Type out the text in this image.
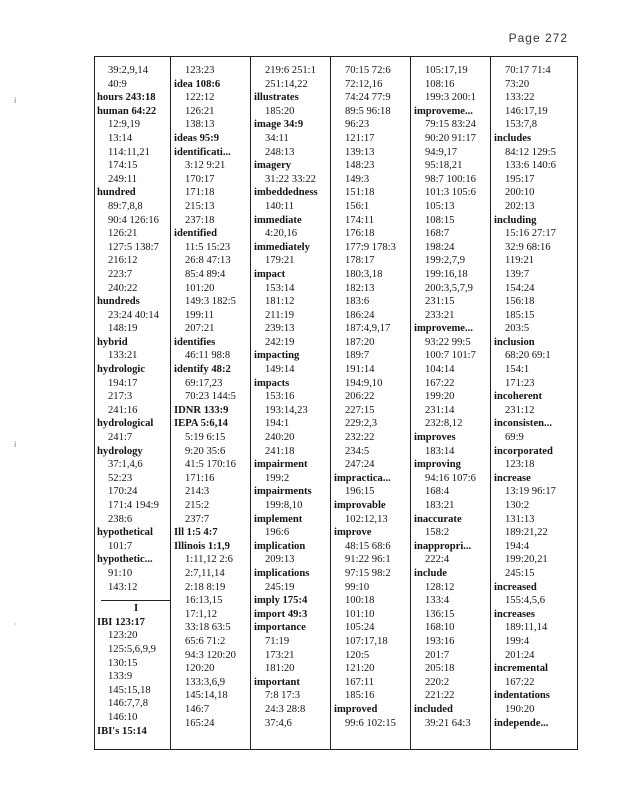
Page 272
i
i
·
39:2,9,14
40:9
hours 243:18
human 64:22
12:9,19
13:14
114:11,21
174:15
249:11
hundred
89:7,8,8
90:4 126:16
126:21
127:5 138:7
216:12
223:7
240:22
hundreds
23:24 40:14
148:19
hybrid
133:21
hydrologic
194:17
217:3
241:16
hydrological
241:7
hydrology
37:1,4,6
52:23
170:24
171:4 194:9
238:6
hypothetical
101:7
hypothetic...
91:10
143:12
I
IBI 123:17
123:20
125:5,6,9,9
130:15
133:9
145:15,18
146:7,7,8
146:10
IBI's 15:14
123:23
idea 108:6
122:12
126:21
138:13
ideas 95:9
identificati...
3:12 9:21
170:17
171:18
215:13
237:18
identified
11:5 15:23
26:8 47:13
85:4 89:4
101:20
149:3 182:5
199:11
207:21
identifies
46:11 98:8
identify 48:2
69:17,23
70:23 144:5
IDNR 133:9
IEPA 5:6,14
5:19 6:15
9:20 35:6
41:5 170:16
171:16
214:3
215:2
237:7
Ill 1:5 4:7
Illinois 1:1,9
1:11,12 2:6
2:7,11,14
2:18 8:19
16:13,15
17:1,12
33:18 63:5
65:6 71:2
94:3 120:20
120:20
133:3,6,9
145:14,18
146:7
165:24
219:6 251:1
251:14,22
illustrates
185:20
image 34:9
34:11
248:13
imagery
31:22 33:22
imbeddedness
140:11
immediate
4:20,16
immediately
179:21
impact
153:14
181:12
211:19
239:13
242:19
impacting
149:14
impacts
153:16
193:14,23
194:1
240:20
241:18
impairment
199:2
impairments
199:8,10
implement
196:6
implication
209:13
implications
245:19
imply 175:4
import 49:3
importance
71:19
173:21
181:20
important
7:8 17:3
24:3 28:8
37:4,6
70:15 72:6
72:12,16
74:24 77:9
89:5 96:18
96:23
121:17
139:13
148:23
149:3
151:18
156:1
174:11
176:18
177:9 178:3
178:17
180:3,18
182:13
183:6
186:24
187:4,9,17
187:20
189:7
191:14
194:9,10
206:22
227:15
229:2,3
232:22
234:5
247:24
impractica...
196:15
improvable
102:12,13
improve
48:15 68:6
91:22 96:1
97:15 98:2
99:10
100:18
101:10
105:24
107:17,18
120:5
121:20
167:11
185:16
improved
99:6 102:15
105:17,19
108:16
199:3 200:1
improveme...
79:15 83:24
90:20 91:17
94:9,17
95:18,21
98:7 100:16
101:3 105:6
105:13
108:15
168:7
198:24
199:2,7,9
199:16,18
200:3,5,7,9
231:15
233:21
improveme...
93:22 99:5
100:7 101:7
104:14
167:22
199:20
231:14
232:8,12
improves
183:14
improving
94:16 107:6
168:4
183:21
inaccurate
158:2
inappropri...
222:4
include
128:12
133:4
136:15
168:10
193:16
201:7
205:18
220:2
221:22
included
39:21 64:3
70:17 71:4
73:20
133:22
146:17,19
153:7,8
includes
84:12 129:5
133:6 140:6
195:17
200:10
202:13
including
15:16 27:17
32:9 68:16
119:21
139:7
154:24
156:18
185:15
203:5
inclusion
68:20 69:1
154:1
171:23
incoherent
231:12
inconsisten...
69:9
incorporated
123:18
increase
13:19 96:17
130:2
131:13
189:21,22
194:4
199:20,21
245:15
increased
155:4,5,6
increases
189:11,14
199:4
201:24
incremental
167:22
indentations
190:20
independe...
